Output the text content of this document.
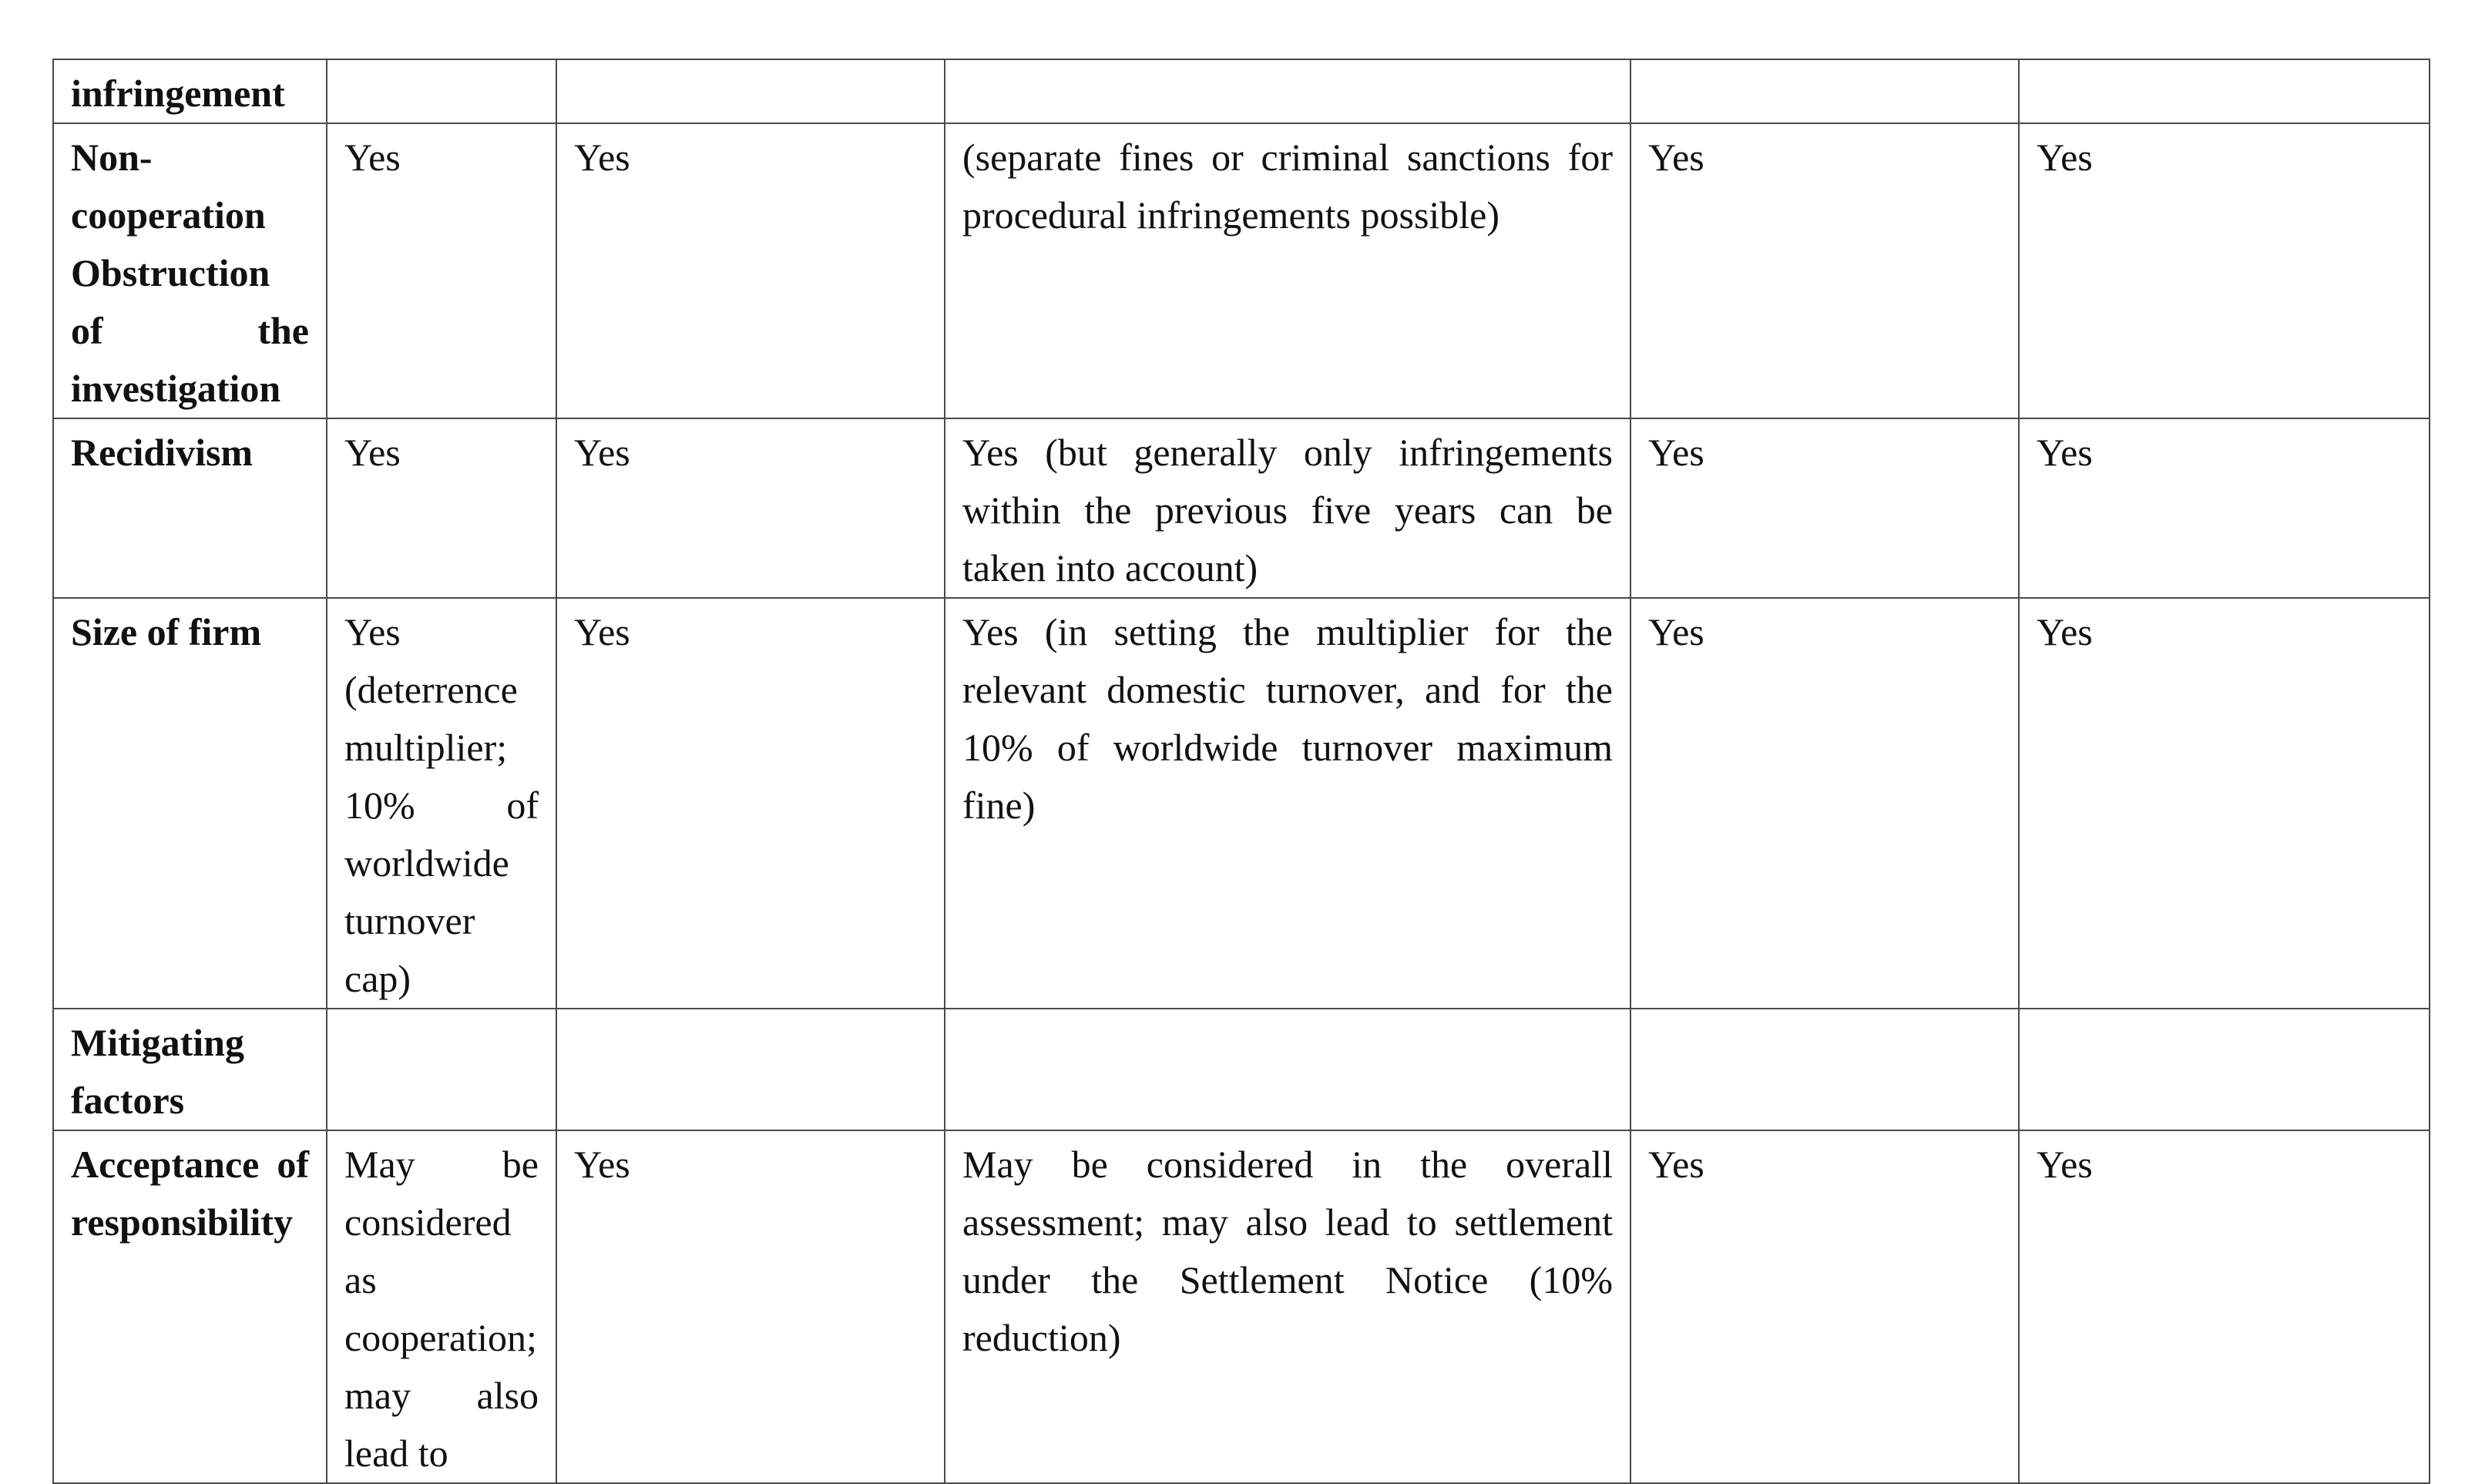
infringement					

Non-cooperation Obstruction of the investigation	Yes	Yes	(separate fines or criminal sanctions for procedural infringements possible)	Yes	Yes

Recidivism	Yes	Yes	Yes (but generally only infringements within the previous five years can be taken into account)	Yes	Yes

Size of firm	Yes (deterrence multiplier; 10% of worldwide turnover cap)	Yes	Yes (in setting the multiplier for the relevant domestic turnover, and for the 10% of worldwide turnover maximum fine)	Yes	Yes

Mitigating factors					

Acceptance of responsibility	May be considered as cooperation; may also lead to	Yes	May be considered in the overall assessment; may also lead to settlement under the Settlement Notice (10% reduction)	Yes	Yes
